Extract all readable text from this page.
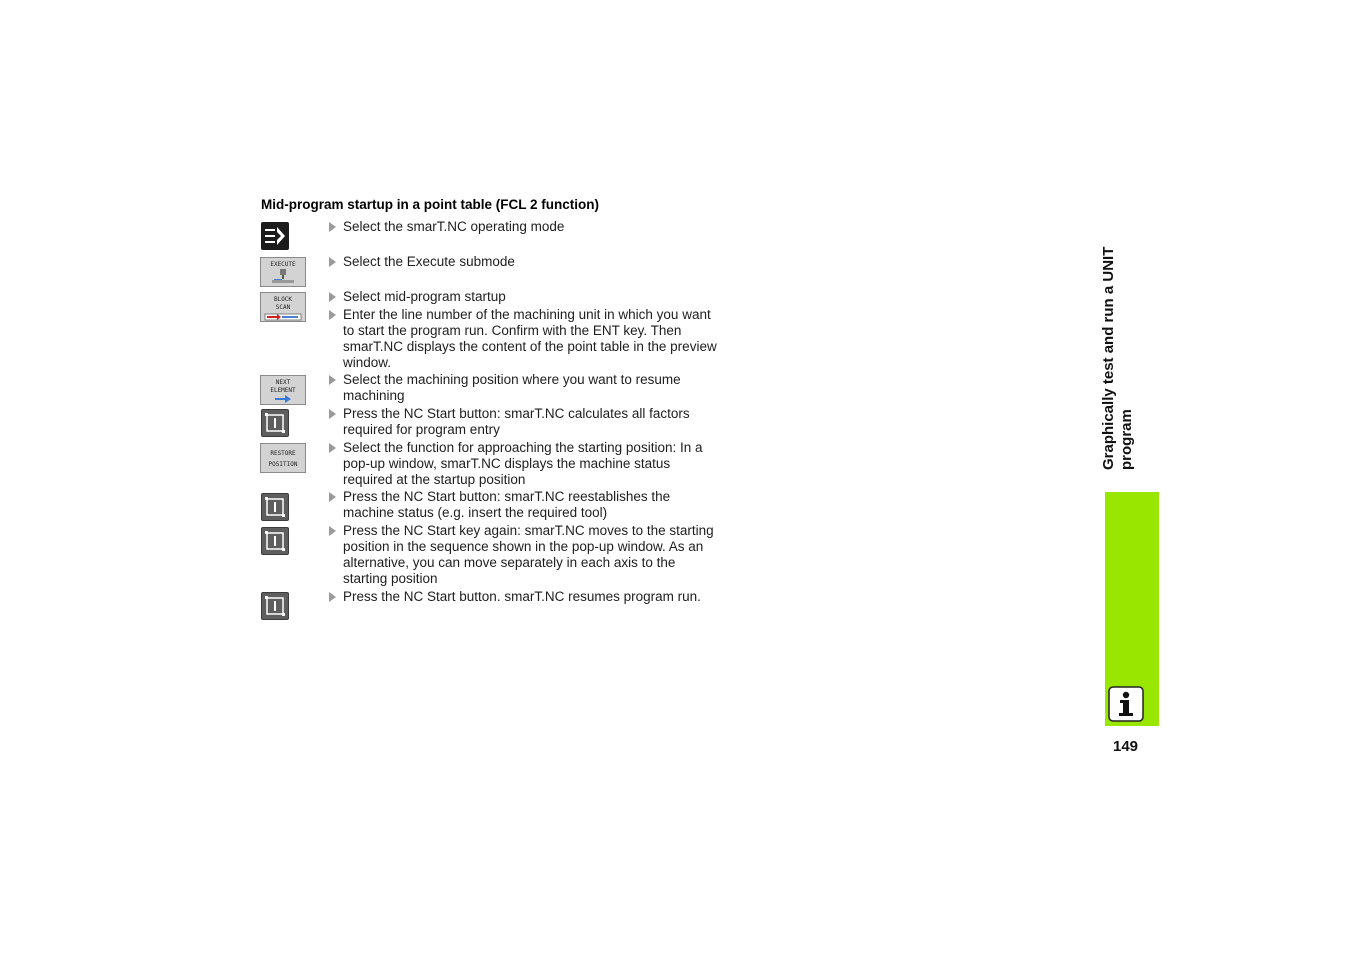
Mid-program startup in a point table (FCL 2 function)
EXECUTE
BLOCK
SCAN
NEXT
ELEMENT
RESTORE
POSITION
Select the smarT.NC operating mode
Select the Execute submode
Select mid-program startup
Enter the line number of the machining unit in which you want to start the program run. Confirm with the ENT key. Then smarT.NC displays the content of the point table in the preview window.
Select the machining position where you want to resume machining
Press the NC Start button: smarT.NC calculates all factors required for program entry
Select the function for approaching the starting position: In a pop-up window, smarT.NC displays the machine status required at the startup position
Press the NC Start button: smarT.NC reestablishes the machine status (e.g. insert the required tool)
Press the NC Start key again: smarT.NC moves to the starting position in the sequence shown in the pop-up window. As an alternative, you can move separately in each axis to the starting position
Press the NC Start button. smarT.NC resumes program run.
Graphically test and run a UNIT program
149
